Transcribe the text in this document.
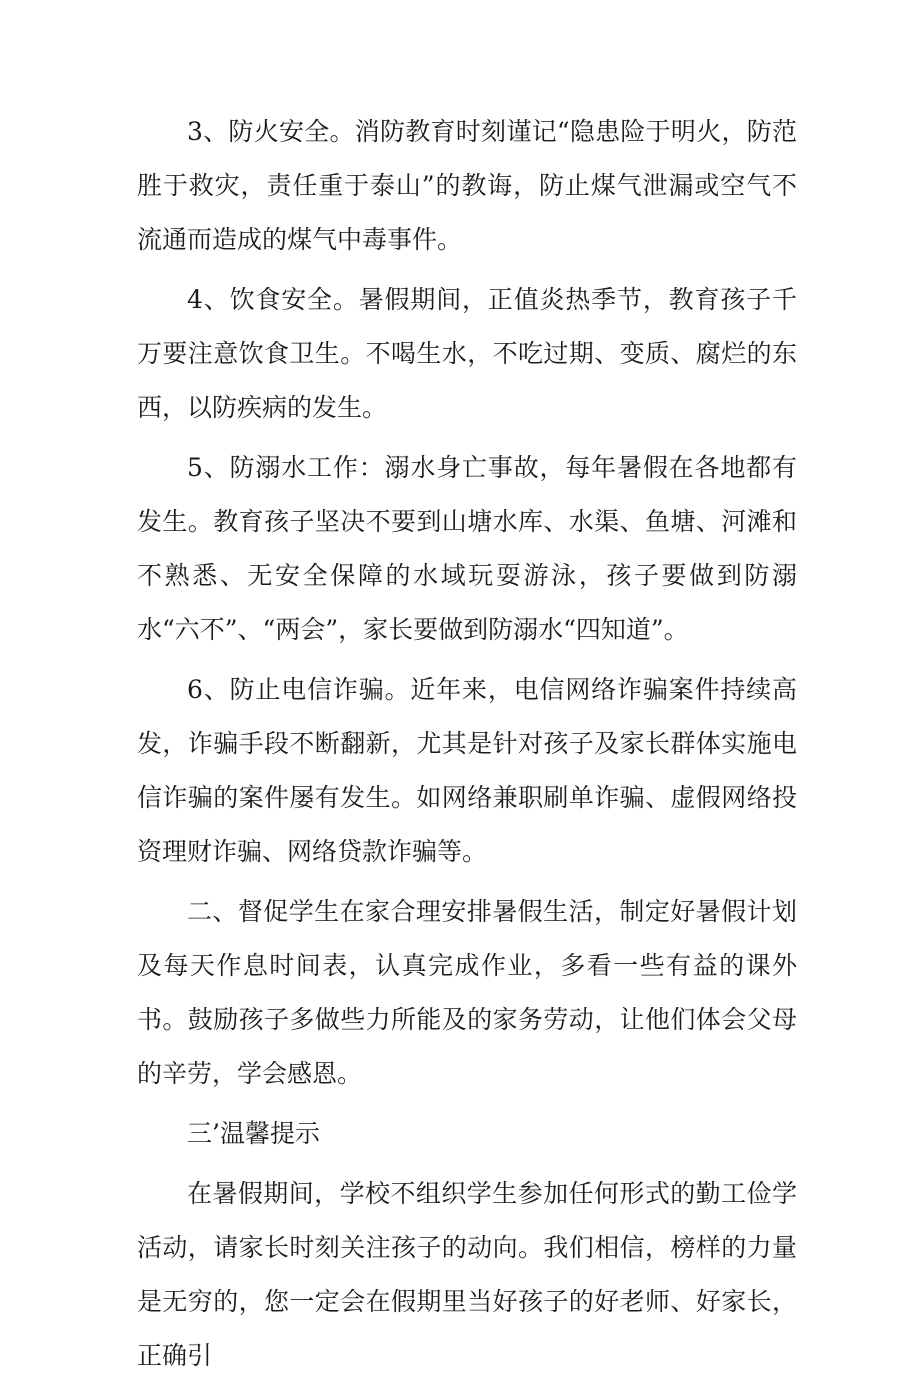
3、防火安全。消防教育时刻谨记“隐患险于明火，防范胜于救灾，责任重于泰山”的教诲，防止煤气泄漏或空气不流通而造成的煤气中毒事件。

4、饮食安全。暑假期间，正值炎热季节，教育孩子千万要注意饮食卫生。不喝生水，不吃过期、变质、腐烂的东西，以防疾病的发生。

5、防溺水工作：溺水身亡事故，每年暑假在各地都有发生。教育孩子坚决不要到山塘水库、水渠、鱼塘、河滩和不熟悉、无安全保障的水域玩耍游泳，孩子要做到防溺水“六不”、“两会”，家长要做到防溺水“四知道”。

6、防止电信诈骗。近年来，电信网络诈骗案件持续高发，诈骗手段不断翻新，尤其是针对孩子及家长群体实施电信诈骗的案件屡有发生。如网络兼职刷单诈骗、虚假网络投资理财诈骗、网络贷款诈骗等。

二、督促学生在家合理安排暑假生活，制定好暑假计划及每天作息时间表，认真完成作业，多看一些有益的课外书。鼓励孩子多做些力所能及的家务劳动，让他们体会父母的辛劳，学会感恩。

三’温馨提示

在暑假期间，学校不组织学生参加任何形式的勤工俭学活动，请家长时刻关注孩子的动向。我们相信，榜样的力量是无穷的，您一定会在假期里当好孩子的好老师、好家长，正确引
